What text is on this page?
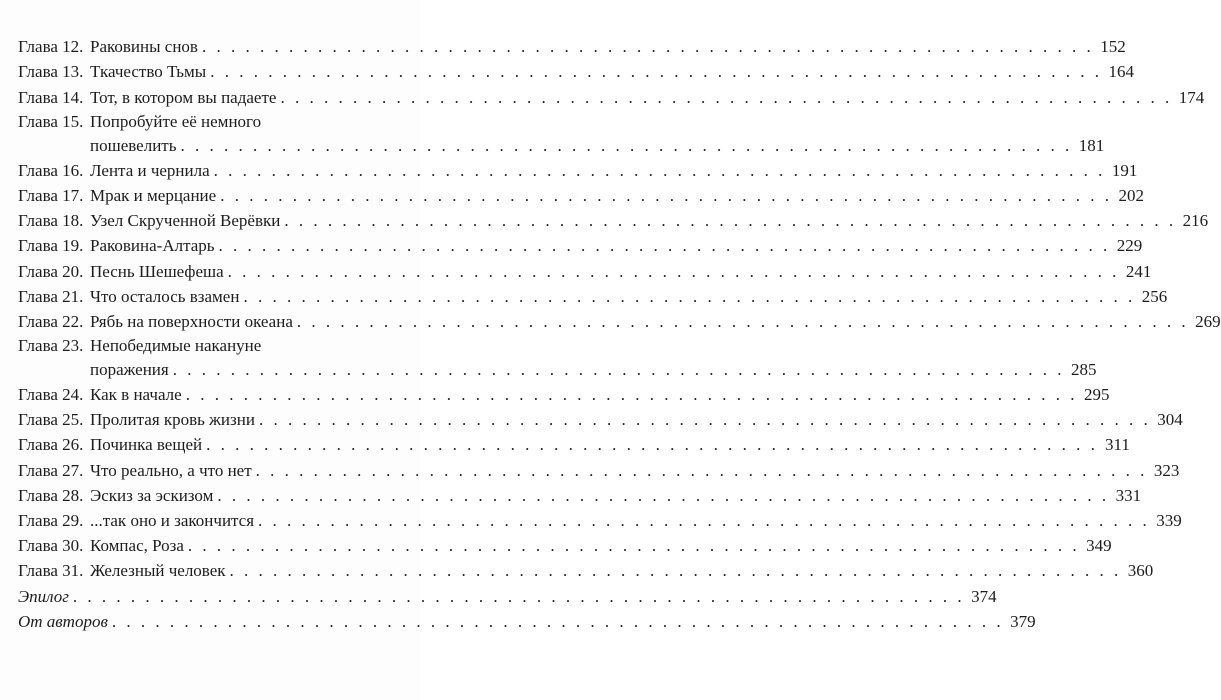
Глава 12. Раковины снов . . .	152
Глава 13. Ткачество Тьмы . . .	164
Глава 14. Тот, в котором вы падаете . . .	174
Глава 15. Попробуйте её немного
пошевелить . . .	181
Глава 16. Лента и чернила . . .	191
Глава 17. Мрак и мерцание . . .	202
Глава 18. Узел Скрученной Верёвки . . .	216
Глава 19. Раковина-Алтарь . . .	229
Глава 20. Песнь Шешефеша . . .	241
Глава 21. Что осталось взамен . . .	256
Глава 22. Рябь на поверхности океана . . .	269
Глава 23. Непобедимые накануне
поражения . . .	285
Глава 24. Как в начале . . .	295
Глава 25. Пролитая кровь жизни . . .	304
Глава 26. Починка вещей . . .	311
Глава 27. Что реально, а что нет . . .	323
Глава 28. Эскиз за эскизом . . .	331
Глава 29. ...так оно и закончится . . .	339
Глава 30. Компас, Роза . . .	349
Глава 31. Железный человек . . .	360
Эпилог . . .	374
От авторов . . .	379
